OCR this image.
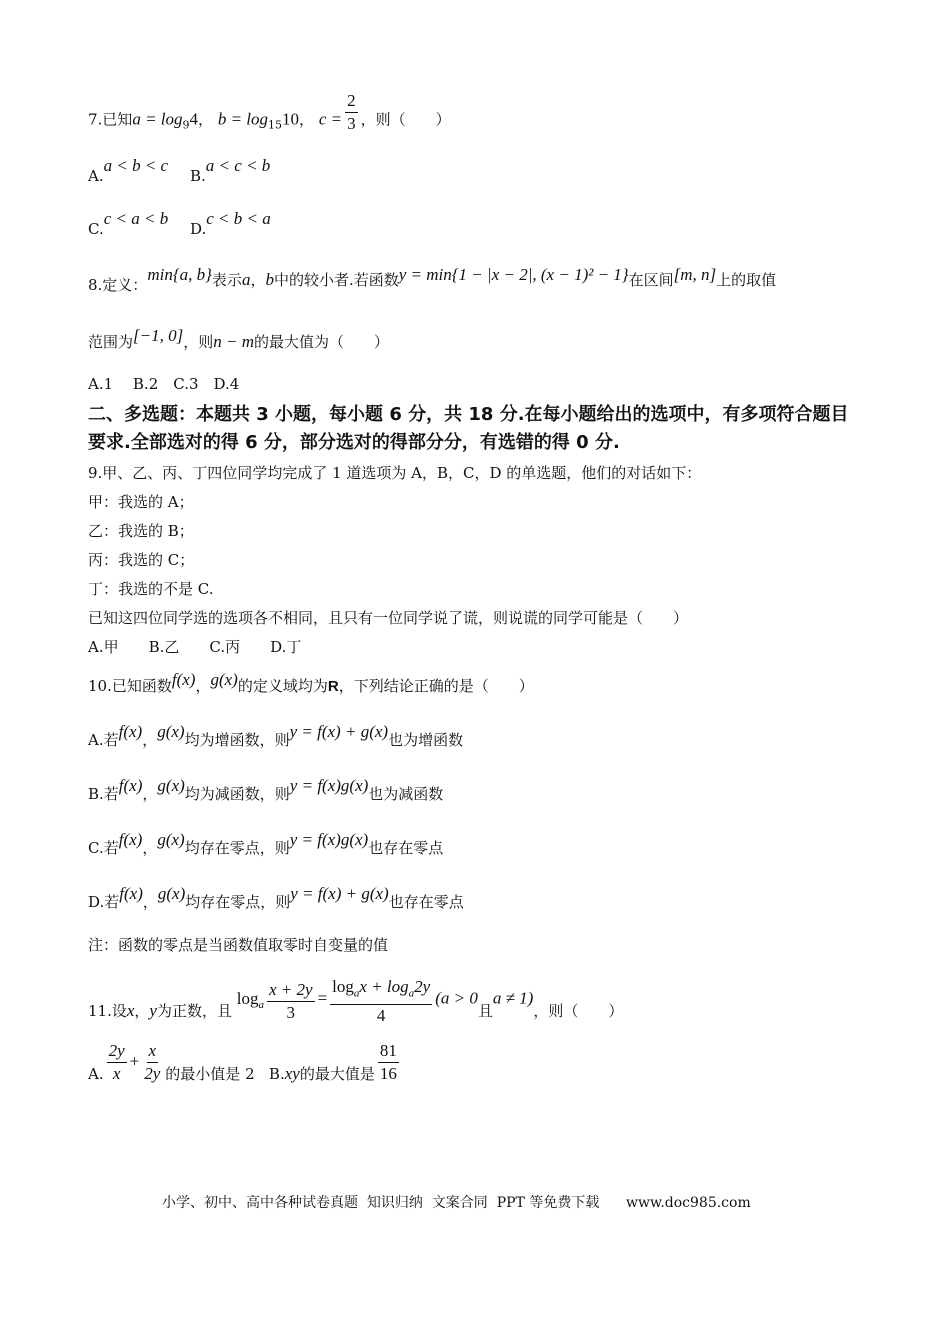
7.已知$a = \log_94$， $b = \log_{15}10$， $c = \frac{2}{3}$ ，则（　　）
A.a < b < c
B.a < c < b
C.c < a < b
D.c < b < a
8.定义：min{a, b}表示a，b中的较小者.若函数y = min{1 − |x − 2|, (x − 1)² − 1}在区间[m, n]上的取值
范围为[−1, 0]，则n − m的最大值为（　　）
A.1　 B.2　C.3　D.4
二、多选题：本题共 3 小题，每小题 6 分，共 18 分.在每小题给出的选项中，有多项符合题目
要求.全部选对的得 6 分，部分选对的得部分分，有选错的得 0 分.
9.甲、乙、丙、丁四位同学均完成了 1 道选项为 A，B，C，D 的单选题，他们的对话如下：
甲：我选的 A；
乙：我选的 B；
丙：我选的 C；
丁：我选的不是 C.
已知这四位同学选的选项各不相同，且只有一位同学说了谎，则说谎的同学可能是（　　）
A.甲　　B.乙　　C.丙　　D.丁
10.已知函数f(x)，g(x)的定义域均为R，下列结论正确的是（　　）
A.若f(x)，g(x)均为增函数，则y = f(x) + g(x)也为增函数
B.若f(x)，g(x)均为减函数，则y = f(x)g(x)也为减函数
C.若f(x)，g(x)均存在零点，则y = f(x)g(x)也存在零点
D.若f(x)，g(x)均存在零点，则y = f(x) + g(x)也存在零点
注：函数的零点是当函数值取零时自变量的值
11.设x，y为正数，且 $\log_a \frac{x + 2y}{3} = \frac{\log_ax + \log_a2y}{4} (a > 0$且a ≠ 1)，则（　　）
A. $\frac{2y}{x} + \frac{x}{2y}$ 的最小值是 2 B.xy的最大值是 $\frac{81}{16}$
小学、初中、高中各种试卷真题  知识归纳  文案合同  PPT 等免费下载      www.doc985.com
